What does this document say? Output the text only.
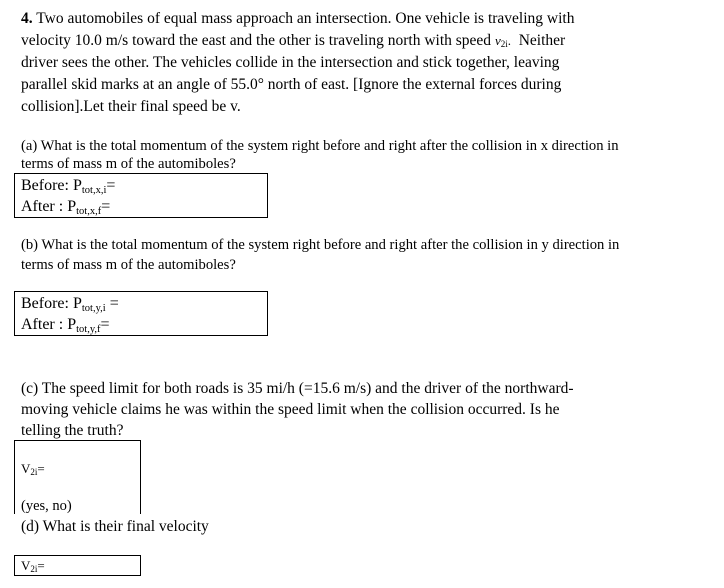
4. Two automobiles of equal mass approach an intersection. One vehicle is traveling with
velocity 10.0 m/s toward the east and the other is traveling north with speed v2i. Neither
driver sees the other. The vehicles collide in the intersection and stick together, leaving
parallel skid marks at an angle of 55.0° north of east. [Ignore the external forces during
collision].Let their final speed be v.
(a) What is the total momentum of the system right before and right after the collision in x direction in
terms of mass m of the automiboles?
Before: Ptot,x,i=
After : Ptot,x,f=
(b) What is the total momentum of the system right before and right after the collision in y direction in
terms of mass m of the automiboles?
Before: Ptot,y,i =
After : Ptot,y,f=
(c) The speed limit for both roads is 35 mi/h (=15.6 m/s) and the driver of the northward-
moving vehicle claims he was within the speed limit when the collision occurred. Is he
telling the truth?
V2i=
(yes, no)
(d) What is their final velocity
V2i=
